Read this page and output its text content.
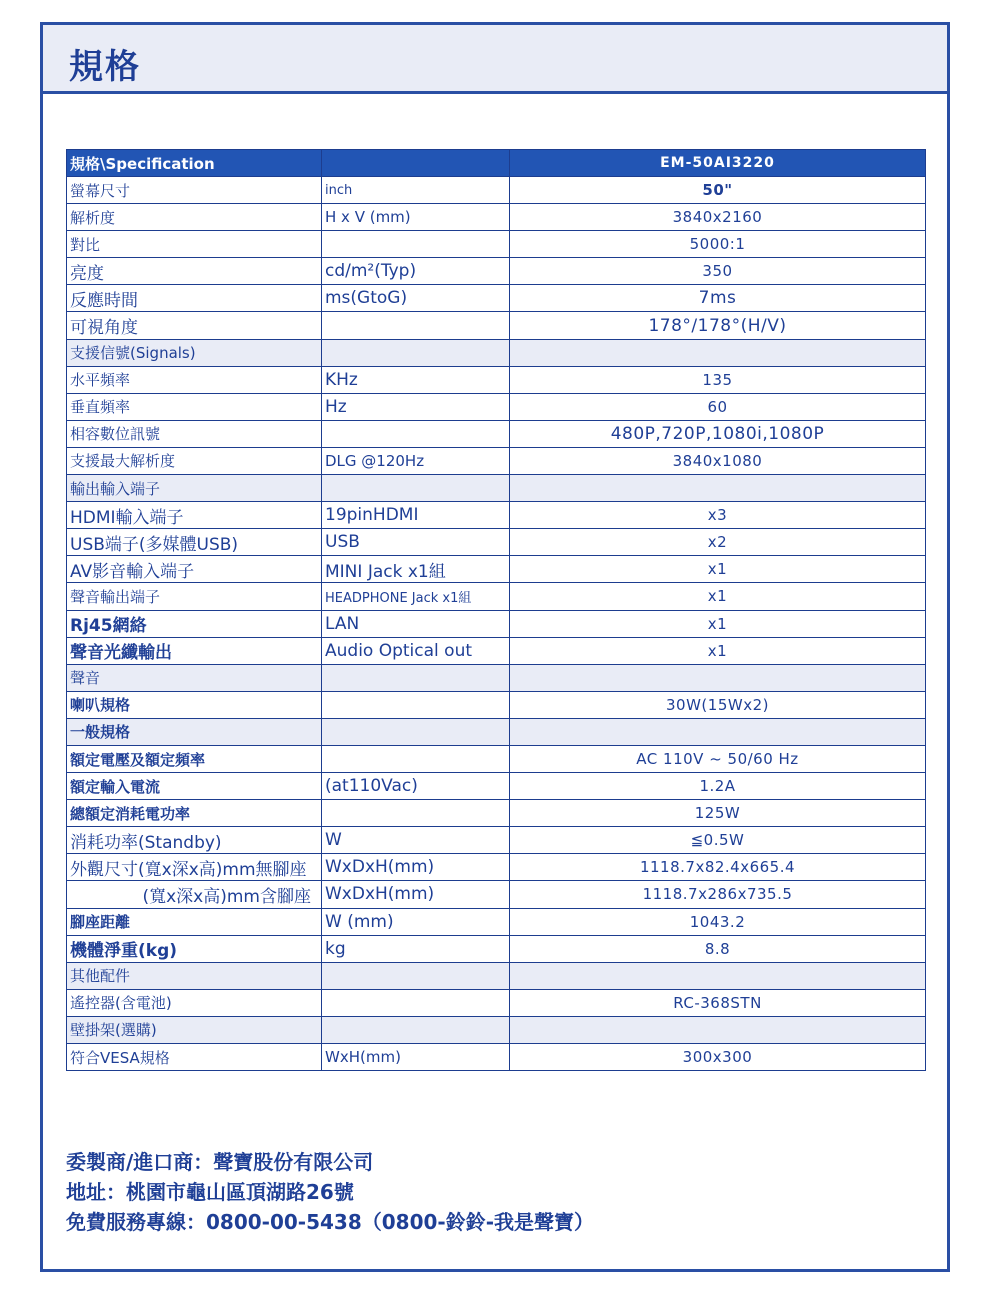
規格
規格\Specification		EM-50AI3220
螢幕尺寸	inch	50"
解析度	H x V (mm)	3840x2160
對比		5000:1
亮度	cd/m²(Typ)	350
反應時間	ms(GtoG)	7ms
可視角度		178°/178°(H/V)
支援信號(Signals)		
水平頻率	KHz	135
垂直頻率	Hz	60
相容數位訊號		480P,720P,1080i,1080P
支援最大解析度	DLG @120Hz	3840x1080
輸出輸入端子		
HDMI輸入端子	19pinHDMI	x3
USB端子(多媒體USB)	USB	x2
AV影音輸入端子	MINI Jack x1組	x1
聲音輸出端子	HEADPHONE Jack x1組	x1
Rj45網絡	LAN	x1
聲音光纖輸出	Audio Optical out	x1
聲音		
喇叭規格		30W(15Wx2)
一般規格		
額定電壓及額定頻率		AC 110V ~ 50/60 Hz
額定輸入電流	(at110Vac)	1.2A
總額定消耗電功率		125W
消耗功率(Standby)	W	≦0.5W
外觀尺寸(寬x深x高)mm無腳座	WxDxH(mm)	1118.7x82.4x665.4
(寬x深x高)mm含腳座	WxDxH(mm)	1118.7x286x735.5
腳座距離	W (mm)	1043.2
機體淨重(kg)	kg	8.8
其他配件		
遙控器(含電池)		RC-368STN
壁掛架(選購)		
符合VESA規格	WxH(mm)	300x300
委製商/進口商：聲寶股份有限公司
地址：桃園市龜山區頂湖路26號
免費服務專線：0800-00-5438（0800-鈴鈴-我是聲寶）
